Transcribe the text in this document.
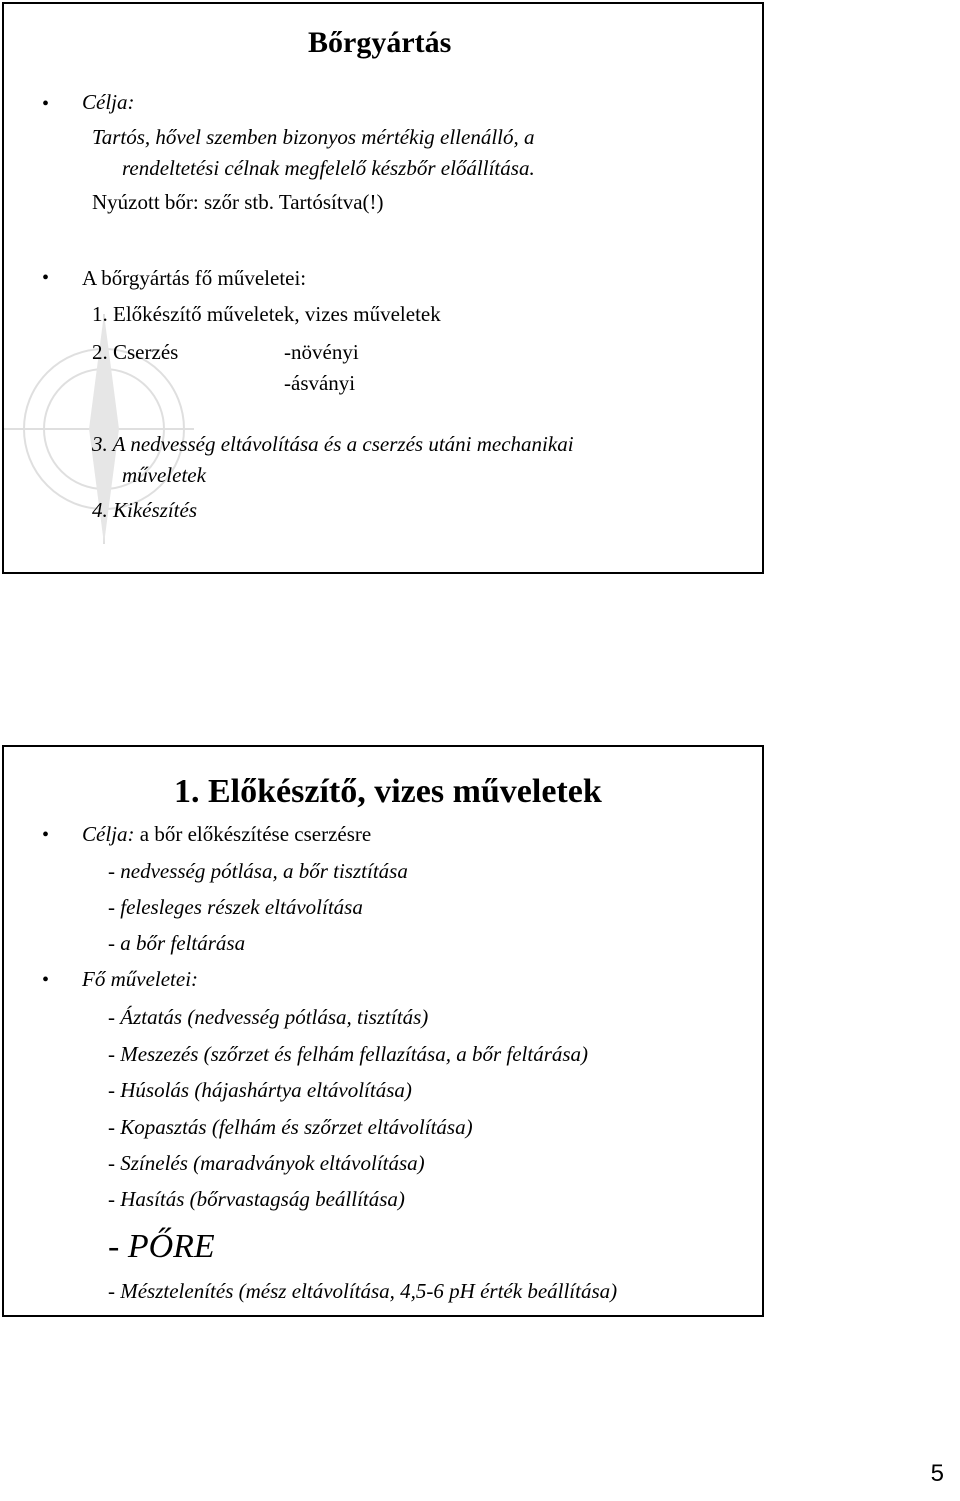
Bőrgyártás
• Célja:
Tartós, hővel szemben bizonyos mértékig ellenálló, a
rendeltetési célnak megfelelő készbőr előállítása.
Nyúzott bőr: szőr stb. Tartósítva(!)
• A bőrgyártás fő műveletei:
1. Előkészítő műveletek, vizes műveletek
2. Cserzés	-növényi
-ásványi
3. A nedvesség eltávolítása és a cserzés utáni mechanikai
műveletek
4. Kikészítés
1. Előkészítő, vizes műveletek
• Célja: a bőr előkészítése cserzésre
- nedvesség pótlása, a bőr tisztítása
- felesleges részek eltávolítása
- a bőr feltárása
• Fő műveletei:
- Áztatás (nedvesség pótlása, tisztítás)
- Meszezés (szőrzet és felhám fellazítása, a bőr feltárása)
- Húsolás (hájashártya eltávolítása)
- Kopasztás (felhám és szőrzet eltávolítása)
- Színelés (maradványok eltávolítása)
- Hasítás (bőrvastagság beállítása)
- PŐRE
- Mésztelenítés (mész eltávolítása, 4,5-6 pH érték beállítása)
5
